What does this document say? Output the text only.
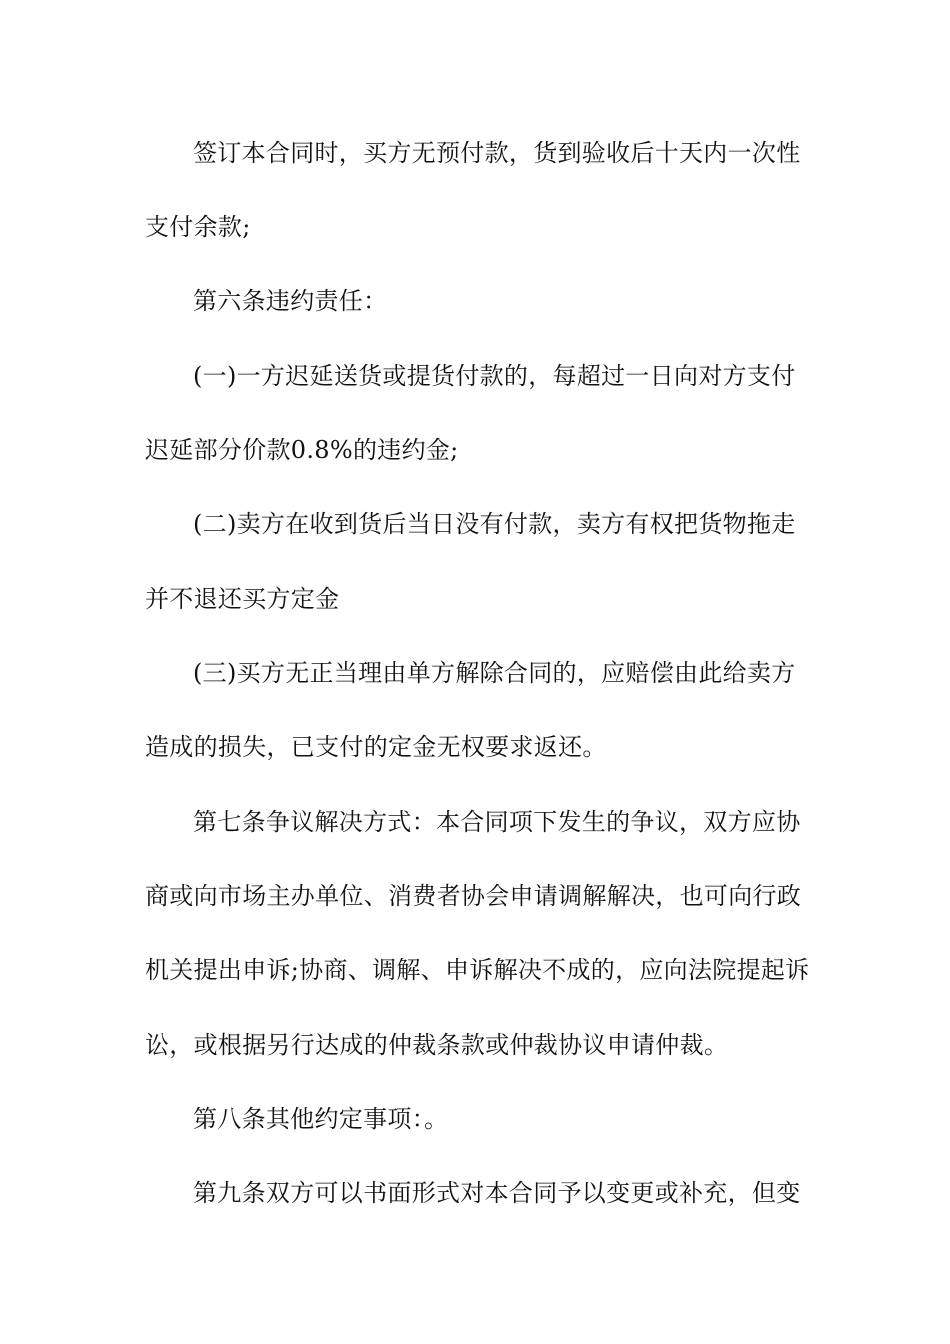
签订本合同时，买方无预付款，货到验收后十天内一次性
支付余款;
第六条违约责任：
(一)一方迟延送货或提货付款的，每超过一日向对方支付
迟延部分价款0.8%的违约金;
(二)卖方在收到货后当日没有付款，卖方有权把货物拖走
并不退还买方定金
(三)买方无正当理由单方解除合同的，应赔偿由此给卖方
造成的损失，已支付的定金无权要求返还。
第七条争议解决方式：本合同项下发生的争议，双方应协
商或向市场主办单位、消费者协会申请调解解决，也可向行政
机关提出申诉;协商、调解、申诉解决不成的，应向法院提起诉
讼，或根据另行达成的仲裁条款或仲裁协议申请仲裁。
第八条其他约定事项：。
第九条双方可以书面形式对本合同予以变更或补充，但变
